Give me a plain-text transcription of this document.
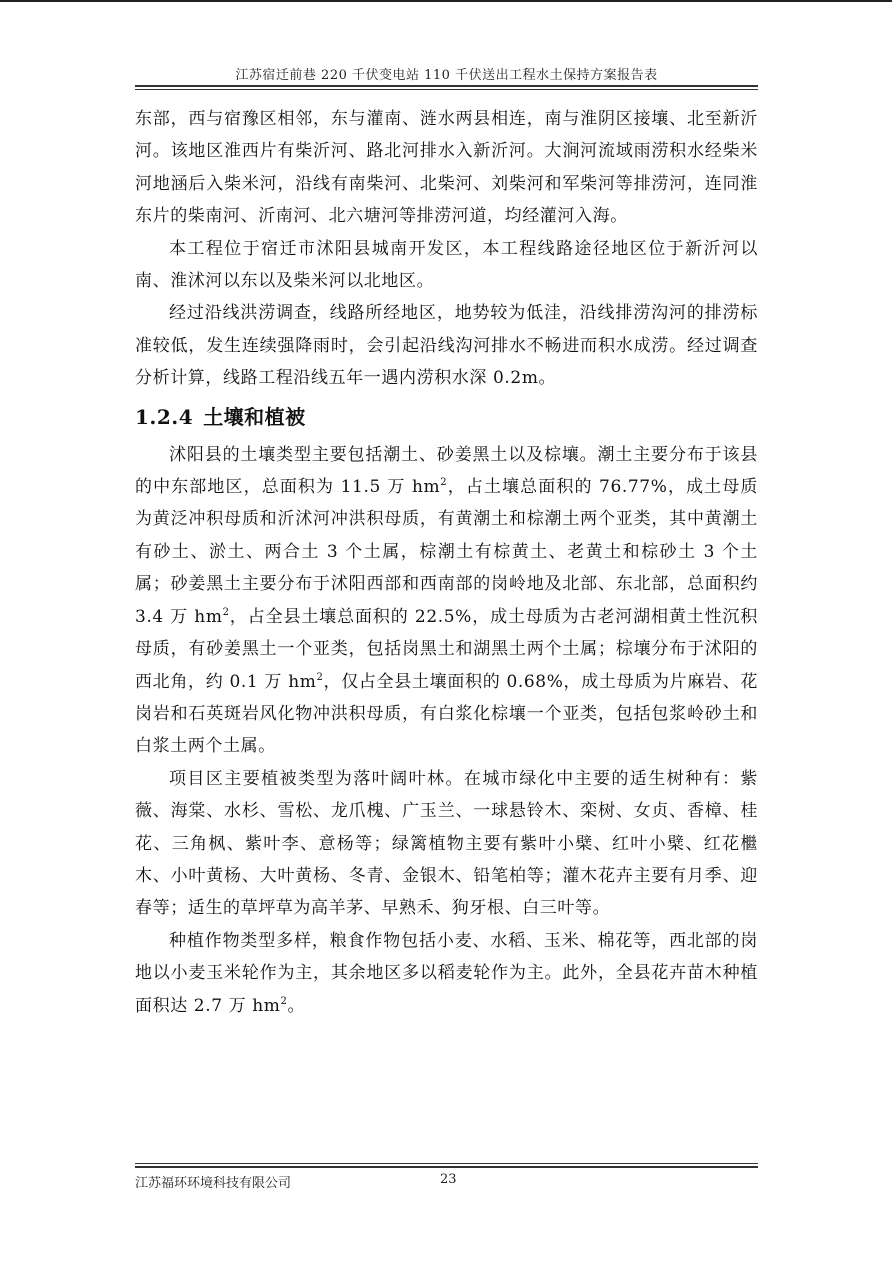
江苏宿迁前巷 220 千伏变电站 110 千伏送出工程水土保持方案报告表

东部，西与宿豫区相邻，东与灌南、涟水两县相连，南与淮阴区接壤、北至新沂河。该地区淮西片有柴沂河、路北河排水入新沂河。大涧河流域雨涝积水经柴米河地涵后入柴米河，沿线有南柴河、北柴河、刘柴河和军柴河等排涝河，连同淮东片的柴南河、沂南河、北六塘河等排涝河道，均经灌河入海。

本工程位于宿迁市沭阳县城南开发区，本工程线路途径地区位于新沂河以南、淮沭河以东以及柴米河以北地区。

经过沿线洪涝调查，线路所经地区，地势较为低洼，沿线排涝沟河的排涝标准较低，发生连续强降雨时，会引起沿线沟河排水不畅进而积水成涝。经过调查分析计算，线路工程沿线五年一遇内涝积水深 0.2m。

1.2.4 土壤和植被

沭阳县的土壤类型主要包括潮土、砂姜黑土以及棕壤。潮土主要分布于该县的中东部地区，总面积为 11.5 万 $hm^2$，占土壤总面积的 76.77%，成土母质为黄泛冲积母质和沂沭河冲洪积母质，有黄潮土和棕潮土两个亚类，其中黄潮土有砂土、淤土、两合土 3 个土属，棕潮土有棕黄土、老黄土和棕砂土 3 个土属；砂姜黑土主要分布于沭阳西部和西南部的岗岭地及北部、东北部，总面积约 3.4 万 $hm^2$，占全县土壤总面积的 22.5%，成土母质为古老河湖相黄土性沉积母质，有砂姜黑土一个亚类，包括岗黑土和湖黑土两个土属；棕壤分布于沭阳的西北角，约 0.1 万 $hm^2$，仅占全县土壤面积的 0.68%，成土母质为片麻岩、花岗岩和石英斑岩风化物冲洪积母质，有白浆化棕壤一个亚类，包括包浆岭砂土和白浆土两个土属。

项目区主要植被类型为落叶阔叶林。在城市绿化中主要的适生树种有：紫薇、海棠、水杉、雪松、龙爪槐、广玉兰、一球悬铃木、栾树、女贞、香樟、桂花、三角枫、紫叶李、意杨等；绿篱植物主要有紫叶小檗、红叶小檗、红花檵木、小叶黄杨、大叶黄杨、冬青、金银木、铅笔柏等；灌木花卉主要有月季、迎春等；适生的草坪草为高羊茅、早熟禾、狗牙根、白三叶等。

种植作物类型多样，粮食作物包括小麦、水稻、玉米、棉花等，西北部的岗地以小麦玉米轮作为主，其余地区多以稻麦轮作为主。此外，全县花卉苗木种植面积达 2.7 万 $hm^2$。

江苏福环环境科技有限公司	23
